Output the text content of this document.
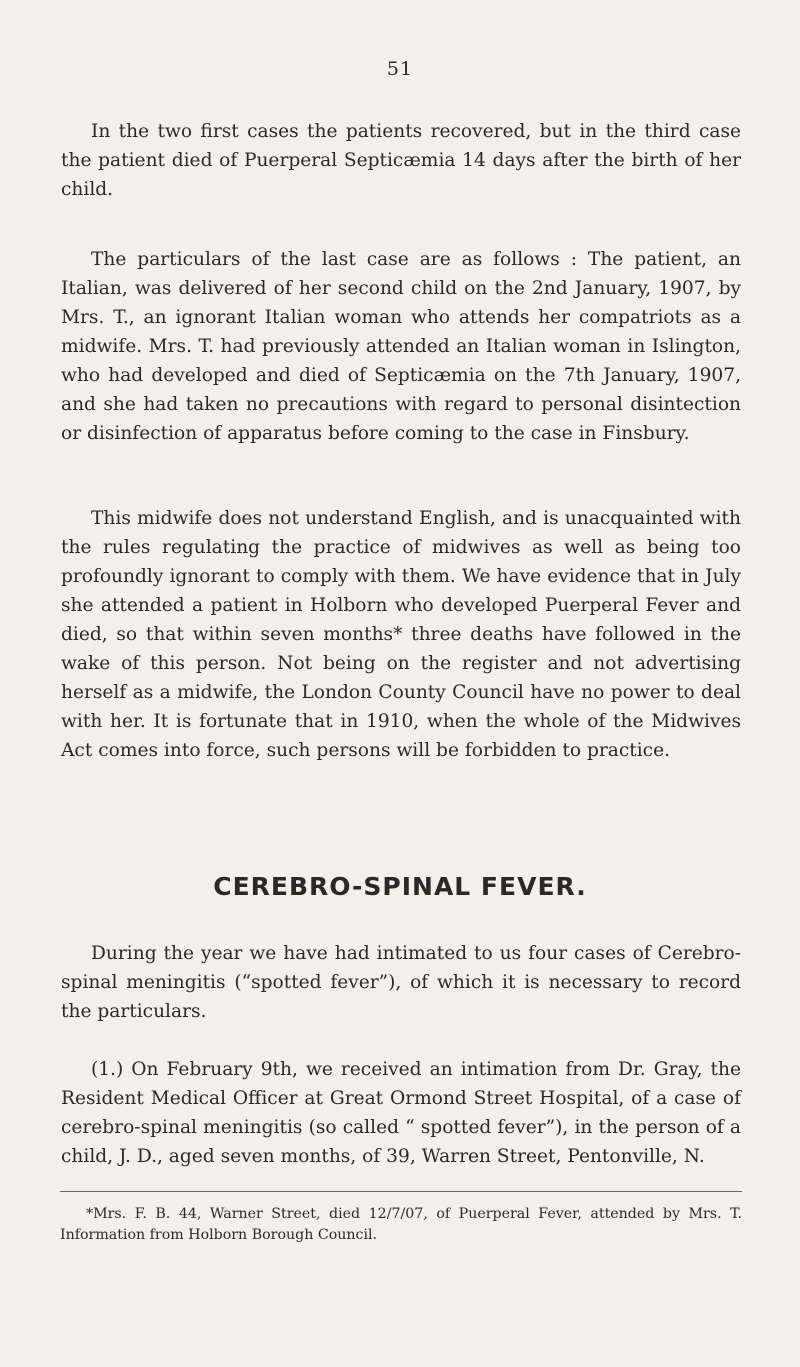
51

In the two first cases the patients recovered, but in the third case the patient died of Puerperal Septicæmia 14 days after the birth of her child.

The particulars of the last case are as follows : The patient, an Italian, was delivered of her second child on the 2nd January, 1907, by Mrs. T., an ignorant Italian woman who attends her compatriots as a midwife. Mrs. T. had previously attended an Italian woman in Islington, who had developed and died of Septicæmia on the 7th January, 1907, and she had taken no precautions with regard to personal disintection or disinfection of apparatus before coming to the case in Finsbury.

This midwife does not understand English, and is unacquainted with the rules regulating the practice of midwives as well as being too profoundly ignorant to comply with them. We have evidence that in July she attended a patient in Holborn who developed Puerperal Fever and died, so that within seven months* three deaths have followed in the wake of this person. Not being on the register and not advertising herself as a midwife, the London County Council have no power to deal with her. It is fortunate that in 1910, when the whole of the Midwives Act comes into force, such persons will be forbidden to practice.

CEREBRO-SPINAL FEVER.

During the year we have had intimated to us four cases of Cerebro-spinal meningitis (“spotted fever”), of which it is necessary to record the particulars.

(1.) On February 9th, we received an intimation from Dr. Gray, the Resident Medical Officer at Great Ormond Street Hospital, of a case of cerebro-spinal meningitis (so called “ spotted fever”), in the person of a child, J. D., aged seven months, of 39, Warren Street, Pentonville, N.

*Mrs. F. B. 44, Warner Street, died 12/7/07, of Puerperal Fever, attended by Mrs. T. Information from Holborn Borough Council.
